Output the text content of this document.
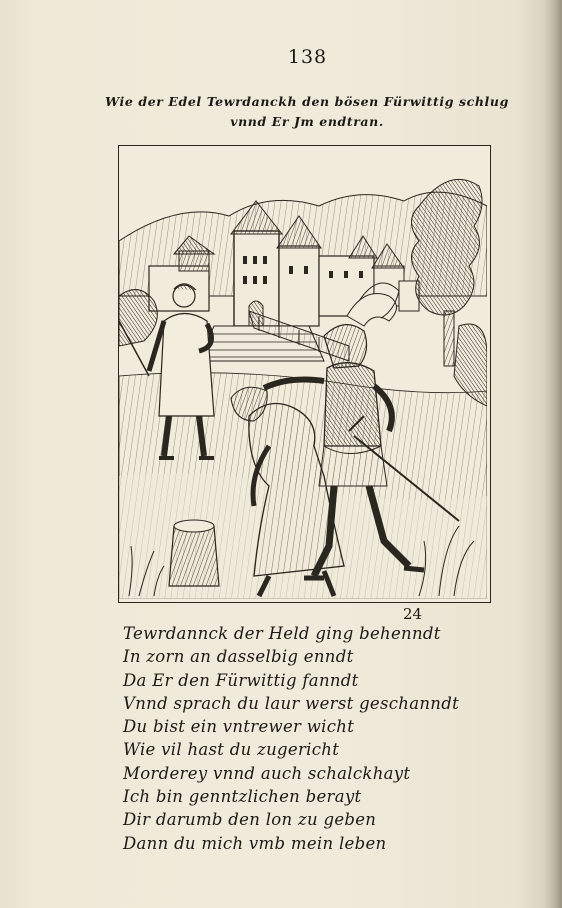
138
Wie der Edel Tewrdanckh den bösen Fürwittig schlug
vnnd Er Jm endtran.
24
Tewrdannck der Held ging behenndt
In zorn an dasselbig enndt
Da Er den Fürwittig fanndt
Vnnd sprach du laur werst geschanndt
Du bist ein vntrewer wicht
Wie vil hast du zugericht
Morderey vnnd auch schalckhayt
Ich bin genntzlichen berayt
Dir darumb den lon zu geben
Dann du mich vmb mein leben
